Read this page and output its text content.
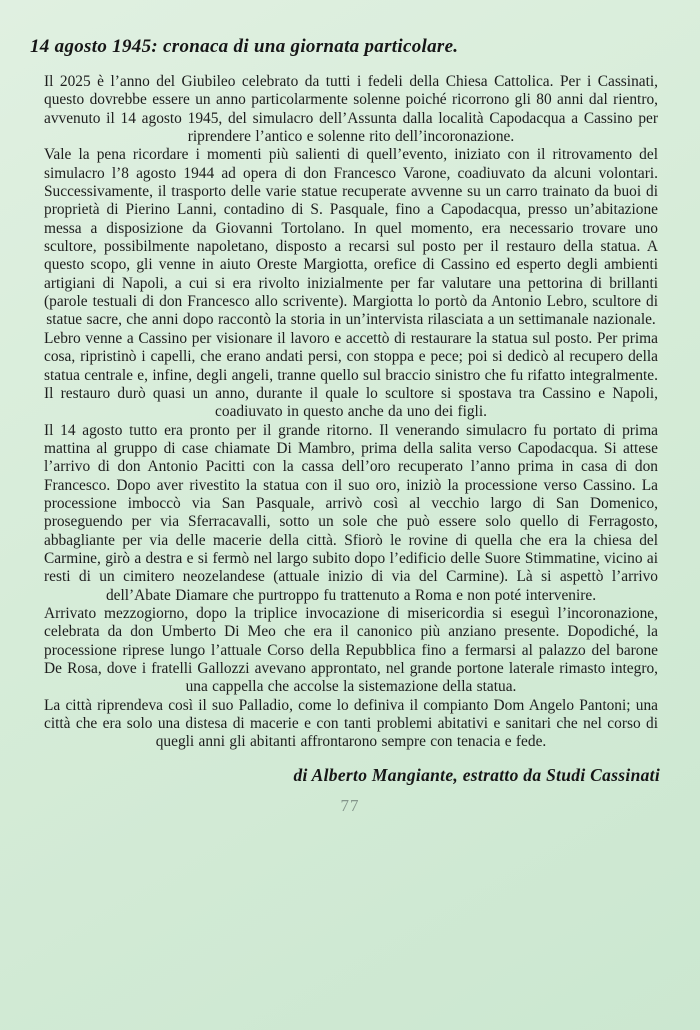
14 agosto 1945: cronaca di una giornata particolare.

Il 2025 è l’anno del Giubileo celebrato da tutti i fedeli della Chiesa Cattolica. Per i Cassinati, questo dovrebbe essere un anno particolarmente solenne poiché ricorrono gli 80 anni dal rientro, avvenuto il 14 agosto 1945, del simulacro dell’Assunta dalla località Capodacqua a Cassino per riprendere l’antico e solenne rito dell’incoronazione.

Vale la pena ricordare i momenti più salienti di quell’evento, iniziato con il ritrovamento del simulacro l’8 agosto 1944 ad opera di don Francesco Varone, coadiuvato da alcuni volontari. Successivamente, il trasporto delle varie statue recuperate avvenne su un carro trainato da buoi di proprietà di Pierino Lanni, contadino di S. Pasquale, fino a Capodacqua, presso un’abitazione messa a disposizione da Giovanni Tortolano. In quel momento, era necessario trovare uno scultore, possibilmente napoletano, disposto a recarsi sul posto per il restauro della statua. A questo scopo, gli venne in aiuto Oreste Margiotta, orefice di Cassino ed esperto degli ambienti artigiani di Napoli, a cui si era rivolto inizialmente per far valutare una pettorina di brillanti (parole testuali di don Francesco allo scrivente). Margiotta lo portò da Antonio Lebro, scultore di statue sacre, che anni dopo raccontò la storia in un’intervista rilasciata a un settimanale nazionale.

Lebro venne a Cassino per visionare il lavoro e accettò di restaurare la statua sul posto. Per prima cosa, ripristinò i capelli, che erano andati persi, con stoppa e pece; poi si dedicò al recupero della statua centrale e, infine, degli angeli, tranne quello sul braccio sinistro che fu rifatto integralmente. Il restauro durò quasi un anno, durante il quale lo scultore si spostava tra Cassino e Napoli, coadiuvato in questo anche da uno dei figli.

Il 14 agosto tutto era pronto per il grande ritorno. Il venerando simulacro fu portato di prima mattina al gruppo di case chiamate Di Mambro, prima della salita verso Capodacqua. Si attese l’arrivo di don Antonio Pacitti con la cassa dell’oro recuperato l’anno prima in casa di don Francesco. Dopo aver rivestito la statua con il suo oro, iniziò la processione verso Cassino. La processione imboccò via San Pasquale, arrivò così al vecchio largo di San Domenico, proseguendo per via Sferracavalli, sotto un sole che può essere solo quello di Ferragosto, abbagliante per via delle macerie della città. Sfiorò le rovine di quella che era la chiesa del Carmine, girò a destra e si fermò nel largo subito dopo l’edificio delle Suore Stimmatine, vicino ai resti di un cimitero neozelandese (attuale inizio di via del Carmine). Là si aspettò l’arrivo dell’Abate Diamare che purtroppo fu trattenuto a Roma e non poté intervenire.

Arrivato mezzogiorno, dopo la triplice invocazione di misericordia si eseguì l’incoronazione, celebrata da don Umberto Di Meo che era il canonico più anziano presente. Dopodiché, la processione riprese lungo l’attuale Corso della Repubblica fino a fermarsi al palazzo del barone De Rosa, dove i fratelli Gallozzi avevano approntato, nel grande portone laterale rimasto integro, una cappella che accolse la sistemazione della statua.

La città riprendeva così il suo Palladio, come lo definiva il compianto Dom Angelo Pantoni; una città che era solo una distesa di macerie e con tanti problemi abitativi e sanitari che nel corso di quegli anni gli abitanti affrontarono sempre con tenacia e fede.

di Alberto Mangiante, estratto da Studi Cassinati
77
